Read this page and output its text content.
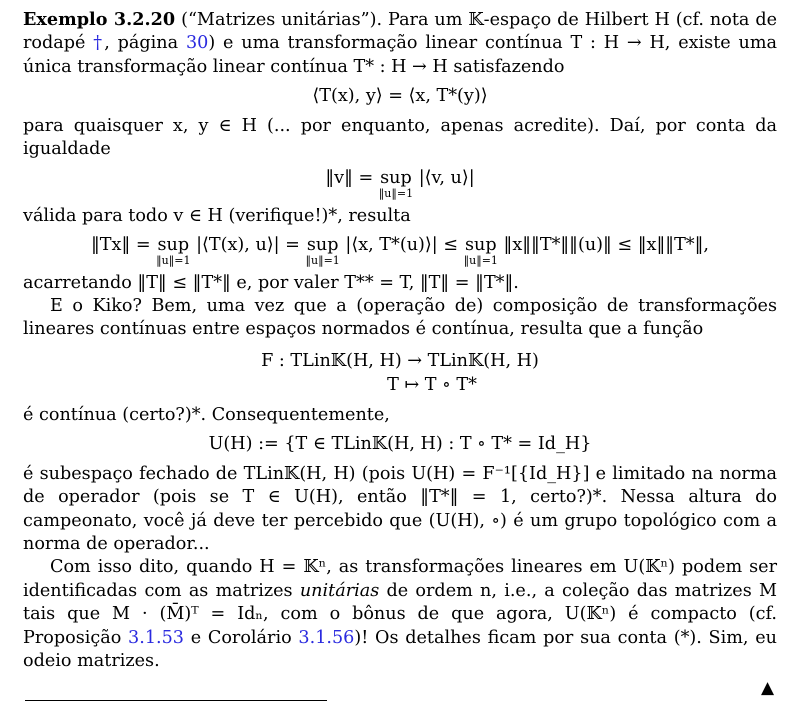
Exemplo 3.2.20 (“Matrizes unitárias”). Para um 𝕂-espaço de Hilbert H (cf. nota de rodapé †, página 30) e uma transformação linear contínua T : H → H, existe uma única transformação linear contínua T* : H → H satisfazendo

⟨T(x), y⟩ = ⟨x, T*(y)⟩

para quaisquer x, y ∈ H (... por enquanto, apenas acredite). Daí, por conta da igualdade

‖v‖ = sup
‖u‖=1
|⟨v, u⟩|

válida para todo v ∈ H (verifique!)*, resulta

‖Tx‖ = sup
‖u‖=1
|⟨T(x), u⟩| = sup
‖u‖=1
|⟨x, T*(u)⟩| ≤ sup
‖u‖=1
‖x‖‖T*‖‖(u)‖ ≤ ‖x‖‖T*‖,

acarretando ‖T‖ ≤ ‖T*‖ e, por valer T** = T, ‖T‖ = ‖T*‖.

E o Kiko? Bem, uma vez que a (operação de) composição de transformações lineares contínuas entre espaços normados é contínua, resulta que a função

F : TLin𝕂(H, H) → TLin𝕂(H, H)
T ↦ T ∘ T*

é contínua (certo?)*. Consequentemente,

U(H) := {T ∈ TLin𝕂(H, H) : T ∘ T* = Id_H}

é subespaço fechado de TLin𝕂(H, H) (pois U(H) = F⁻¹[{Id_H}] e limitado na norma de operador (pois se T ∈ U(H), então ‖T*‖ = 1, certo?)*. Nessa altura do campeonato, você já deve ter percebido que (U(H), ∘) é um grupo topológico com a norma de operador...

Com isso dito, quando H = 𝕂ⁿ, as transformações lineares em U(𝕂ⁿ) podem ser identificadas com as matrizes unitárias de ordem n, i.e., a coleção das matrizes M tais que M · (M̄)ᵀ = Idₙ, com o bônus de que agora, U(𝕂ⁿ) é compacto (cf. Proposição 3.1.53 e Corolário 3.1.56)! Os detalhes ficam por sua conta (*). Sim, eu odeio matrizes.

▲
